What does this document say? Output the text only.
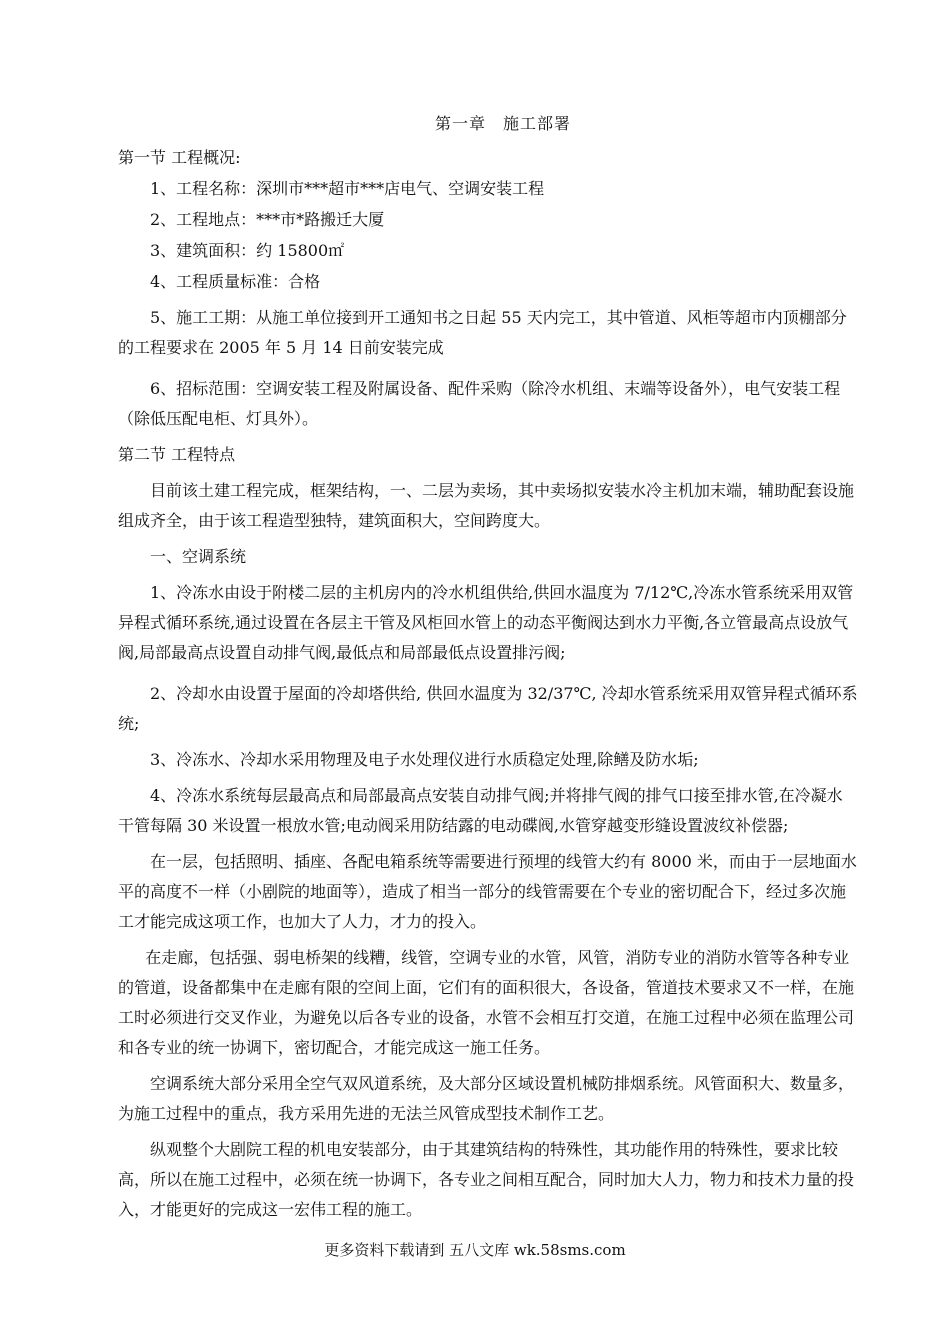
第一章　施工部署
第一节 工程概况:
1、工程名称：深圳市***超市***店电气、空调安装工程
2、工程地点：***市*路搬迁大厦
3、建筑面积：约 15800㎡
4、工程质量标准：合格
5、施工工期：从施工单位接到开工通知书之日起 55 天内完工，其中管道、风柜等超市内顶棚部分的工程要求在 2005 年 5 月 14 日前安装完成
6、招标范围：空调安装工程及附属设备、配件采购（除冷水机组、末端等设备外），电气安装工程（除低压配电柜、灯具外）。
第二节 工程特点
目前该土建工程完成，框架结构，一、二层为卖场，其中卖场拟安装水冷主机加末端，辅助配套设施组成齐全，由于该工程造型独特，建筑面积大，空间跨度大。
一、空调系统
1、冷冻水由设于附楼二层的主机房内的冷水机组供给,供回水温度为 7/12℃,冷冻水管系统采用双管异程式循环系统,通过设置在各层主干管及风柜回水管上的动态平衡阀达到水力平衡,各立管最高点设放气阀,局部最高点设置自动排气阀,最低点和局部最低点设置排污阀;
2、冷却水由设置于屋面的冷却塔供给, 供回水温度为 32/37℃, 冷却水管系统采用双管异程式循环系统;
3、冷冻水、冷却水采用物理及电子水处理仪进行水质稳定处理,除鳝及防水垢;
4、冷冻水系统每层最高点和局部最高点安装自动排气阀;并将排气阀的排气口接至排水管,在冷凝水干管每隔 30 米设置一根放水管;电动阀采用防结露的电动碟阀,水管穿越变形缝设置波纹补偿器;
在一层，包括照明、插座、各配电箱系统等需要进行预埋的线管大约有 8000 米，而由于一层地面水平的高度不一样（小剧院的地面等），造成了相当一部分的线管需要在个专业的密切配合下，经过多次施工才能完成这项工作，也加大了人力，才力的投入。
在走廊，包括强、弱电桥架的线糟，线管，空调专业的水管，风管，消防专业的消防水管等各种专业的管道，设备都集中在走廊有限的空间上面，它们有的面积很大，各设备，管道技术要求又不一样，在施工时必须进行交叉作业，为避免以后各专业的设备，水管不会相互打交道，在施工过程中必须在监理公司和各专业的统一协调下，密切配合，才能完成这一施工任务。
空调系统大部分采用全空气双风道系统，及大部分区域设置机械防排烟系统。风管面积大、数量多，为施工过程中的重点，我方采用先进的无法兰风管成型技术制作工艺。
纵观整个大剧院工程的机电安装部分，由于其建筑结构的特殊性，其功能作用的特殊性，要求比较高，所以在施工过程中，必须在统一协调下，各专业之间相互配合，同时加大人力，物力和技术力量的投入，才能更好的完成这一宏伟工程的施工。
更多资料下载请到 五八文库 wk.58sms.com
